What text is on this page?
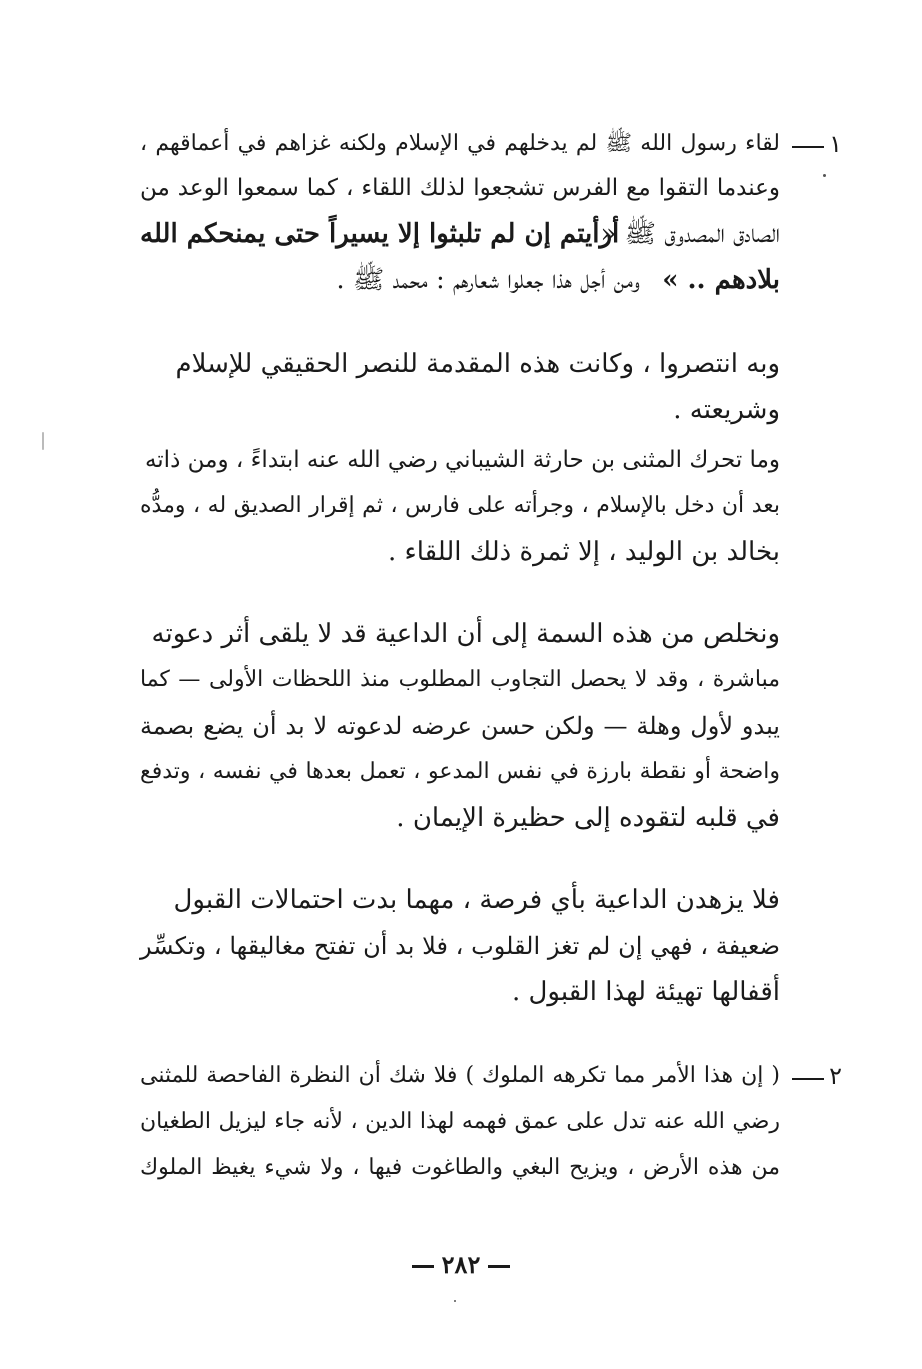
١
لقاء رسول الله ﷺ لم يدخلهم في الإسلام ولكنه غزاهم في أعماقهم ،
وعندما التقوا مع الفرس تشجعوا لذلك اللقاء ، كما سمعوا الوعد من
الصادق المصدوق ﷺ «
أرأيتم إن لم تلبثوا إلا يسيراً حتى يمنحكم الله
بلادهم .. »
ومن أجل هذا جعلوا شعارهم : محمد ﷺ .
وبه انتصروا ، وكانت هذه المقدمة للنصر الحقيقي للإسلام
وشريعته .
وما تحرك المثنى بن حارثة الشيباني رضي الله عنه ابتداءً ، ومن ذاته
بعد أن دخل بالإسلام ، وجرأته على فارس ، ثم إقرار الصديق له ، ومدُّه
بخالد بن الوليد ، إلا ثمرة ذلك اللقاء .
ونخلص من هذه السمة إلى أن الداعية قد لا يلقى أثر دعوته
مباشرة ، وقد لا يحصل التجاوب المطلوب منذ اللحظات الأولى — كما
يبدو لأول وهلة — ولكن حسن عرضه لدعوته لا بد أن يضع بصمة
واضحة أو نقطة بارزة في نفس المدعو ، تعمل بعدها في نفسه ، وتدفع
في قلبه لتقوده إلى حظيرة الإيمان .
فلا يزهدن الداعية بأي فرصة ، مهما بدت احتمالات القبول
ضعيفة ، فهي إن لم تغز القلوب ، فلا بد أن تفتح مغاليقها ، وتكسِّر
أقفالها تهيئة لهذا القبول .
٢
( إن هذا الأمر مما تكرهه الملوك ) فلا شك أن النظرة الفاحصة للمثنى
رضي الله عنه تدل على عمق فهمه لهذا الدين ، لأنه جاء ليزيل الطغيان
من هذه الأرض ، ويزيح البغي والطاغوت فيها ، ولا شيء يغيظ الملوك
٢٨٢
